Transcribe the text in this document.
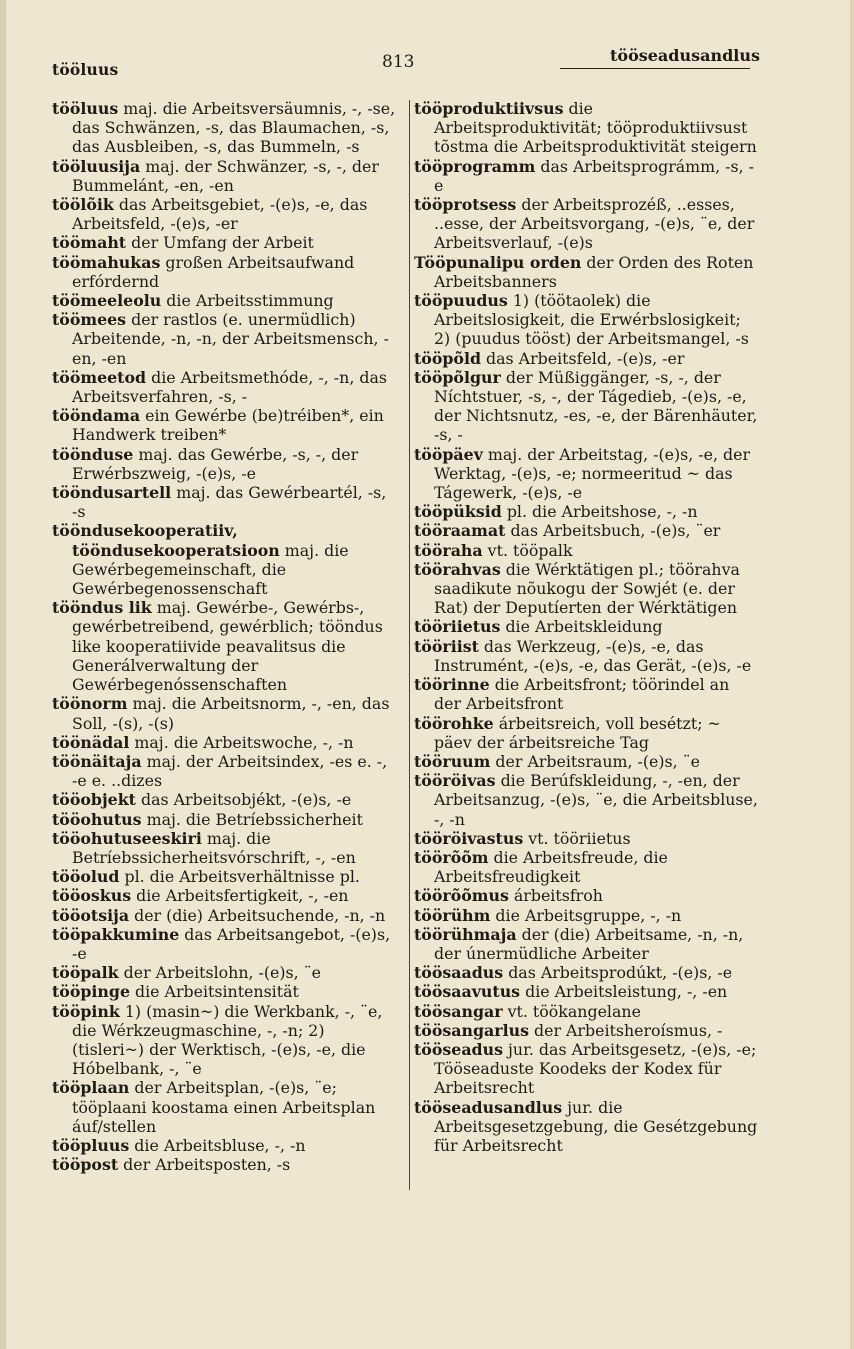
tööluus	813	tööseadusandlus

tööluus maj. die Arbeitsversäumnis, -, -se, das Schwänzen, -s, das Blaumachen, -s, das Ausbleiben, -s, das Bummeln, -s

tööluusija maj. der Schwänzer, -s, -, der Bummelánt, -en, -en

töölõik das Arbeitsgebiet, -(e)s, -e, das Arbeitsfeld, -(e)s, -er

töömaht der Umfang der Arbeit

töömahukas großen Arbeitsaufwand erfórdernd

töömeeleolu die Arbeitsstimmung

töömees der rastlos (e. unermüdlich) Arbeitende, -n, -n, der Arbeitsmensch, -en, -en

töömeetod die Arbeitsmethóde, -, -n, das Arbeitsverfahren, -s, -

tööndama ein Gewérbe (be)tréiben*, ein Handwerk treiben*

töönduse maj. das Gewérbe, -s, -, der Erwérbszweig, -(e)s, -e

tööndusartell maj. das Gewérbeartél, -s, -s

tööndusekooperatiiv, tööndusekooperatsioon maj. die Gewérbegemeinschaft, die Gewérbegenossenschaft

tööndus lik maj. Gewérbe-, Gewérbs-, gewérbetreibend, gewérblich; tööndus like kooperatiivide peavalitsus die Generálverwaltung der Gewérbegenóssenschaften

töönorm maj. die Arbeitsnorm, -, -en, das Soll, -(s), -(s)

töönädal maj. die Arbeitswoche, -, -n

töönäitaja maj. der Arbeitsindex, -es e. -, -e e. ..dizes

tööobjekt das Arbeitsobjékt, -(e)s, -e

tööohutus maj. die Betríebssicherheit

tööohutuseeskiri maj. die Betríebssicherheitsvórschrift, -, -en

tööolud pl. die Arbeitsverhältnisse pl.

tööoskus die Arbeitsfertigkeit, -, -en

tööotsija der (die) Arbeitsuchende, -n, -n

tööpakkumine das Arbeitsangebot, -(e)s, -e

tööpalk der Arbeitslohn, -(e)s, ¨e

tööpinge die Arbeitsintensität

tööpink 1) (masin~) die Werkbank, -, ¨e, die Wérkzeugmaschine, -, -n; 2) (tisleri~) der Werktisch, -(e)s, -e, die Hóbelbank, -, ¨e

tööplaan der Arbeitsplan, -(e)s, ¨e; tööplaani koostama einen Arbeitsplan áuf/stellen

tööpluus die Arbeitsbluse, -, -n

tööpost der Arbeitsposten, -s

tööproduktiivsus die Arbeitsproduktivität; tööproduktiivsust tõstma die Arbeitsproduktivität steigern

tööprogramm das Arbeitsprográmm, -s, -e

tööprotsess der Arbeitsprozéß, ..esses, ..esse, der Arbeitsvorgang, -(e)s, ¨e, der Arbeitsverlauf, -(e)s

Tööpunalipu orden der Orden des Roten Arbeitsbanners

tööpuudus 1) (töötaolek) die Arbeitslosigkeit, die Erwérbslosigkeit; 2) (puudus tööst) der Arbeitsmangel, -s

tööpõld das Arbeitsfeld, -(e)s, -er

tööpõlgur der Müßiggänger, -s, -, der Níchtstuer, -s, -, der Tágedieb, -(e)s, -e, der Nichtsnutz, -es, -e, der Bärenhäuter, -s, -

tööpäev maj. der Arbeitstag, -(e)s, -e, der Werktag, -(e)s, -e; normeeritud ~ das Tágewerk, -(e)s, -e

tööpüksid pl. die Arbeitshose, -, -n

tööraamat das Arbeitsbuch, -(e)s, ¨er

tööraha vt. tööpalk

töörahvas die Wérktätigen pl.; töörahva saadikute nõukogu der Sowjét (e. der Rat) der Deputíerten der Wérktätigen

tööriietus die Arbeitskleidung

tööriist das Werkzeug, -(e)s, -e, das Instrumént, -(e)s, -e, das Gerät, -(e)s, -e

töörinne die Arbeitsfront; töörindel an der Arbeitsfront

töörohke árbeitsreich, voll besétzt; ~ päev der árbeitsreiche Tag

tööruum der Arbeitsraum, -(e)s, ¨e

tööröivas die Berúfskleidung, -, -en, der Arbeitsanzug, -(e)s, ¨e, die Arbeitsbluse, -, -n

tööröivastus vt. tööriietus

töörõõm die Arbeitsfreude, die Arbeitsfreudigkeit

töörõõmus árbeitsfroh

töörühm die Arbeitsgruppe, -, -n

töörühmaja der (die) Arbeitsame, -n, -n, der únermüdliche Arbeiter

töösaadus das Arbeitsprodúkt, -(e)s, -e

töösaavutus die Arbeitsleistung, -, -en

töösangar vt. töökangelane

töösangarlus der Arbeitsheroísmus, -

tööseadus jur. das Arbeitsgesetz, -(e)s, -e; Tööseaduste Koodeks der Kodex für Arbeitsrecht

tööseadusandlus jur. die Arbeitsgesetzgebung, die Gesétzgebung für Arbeitsrecht
